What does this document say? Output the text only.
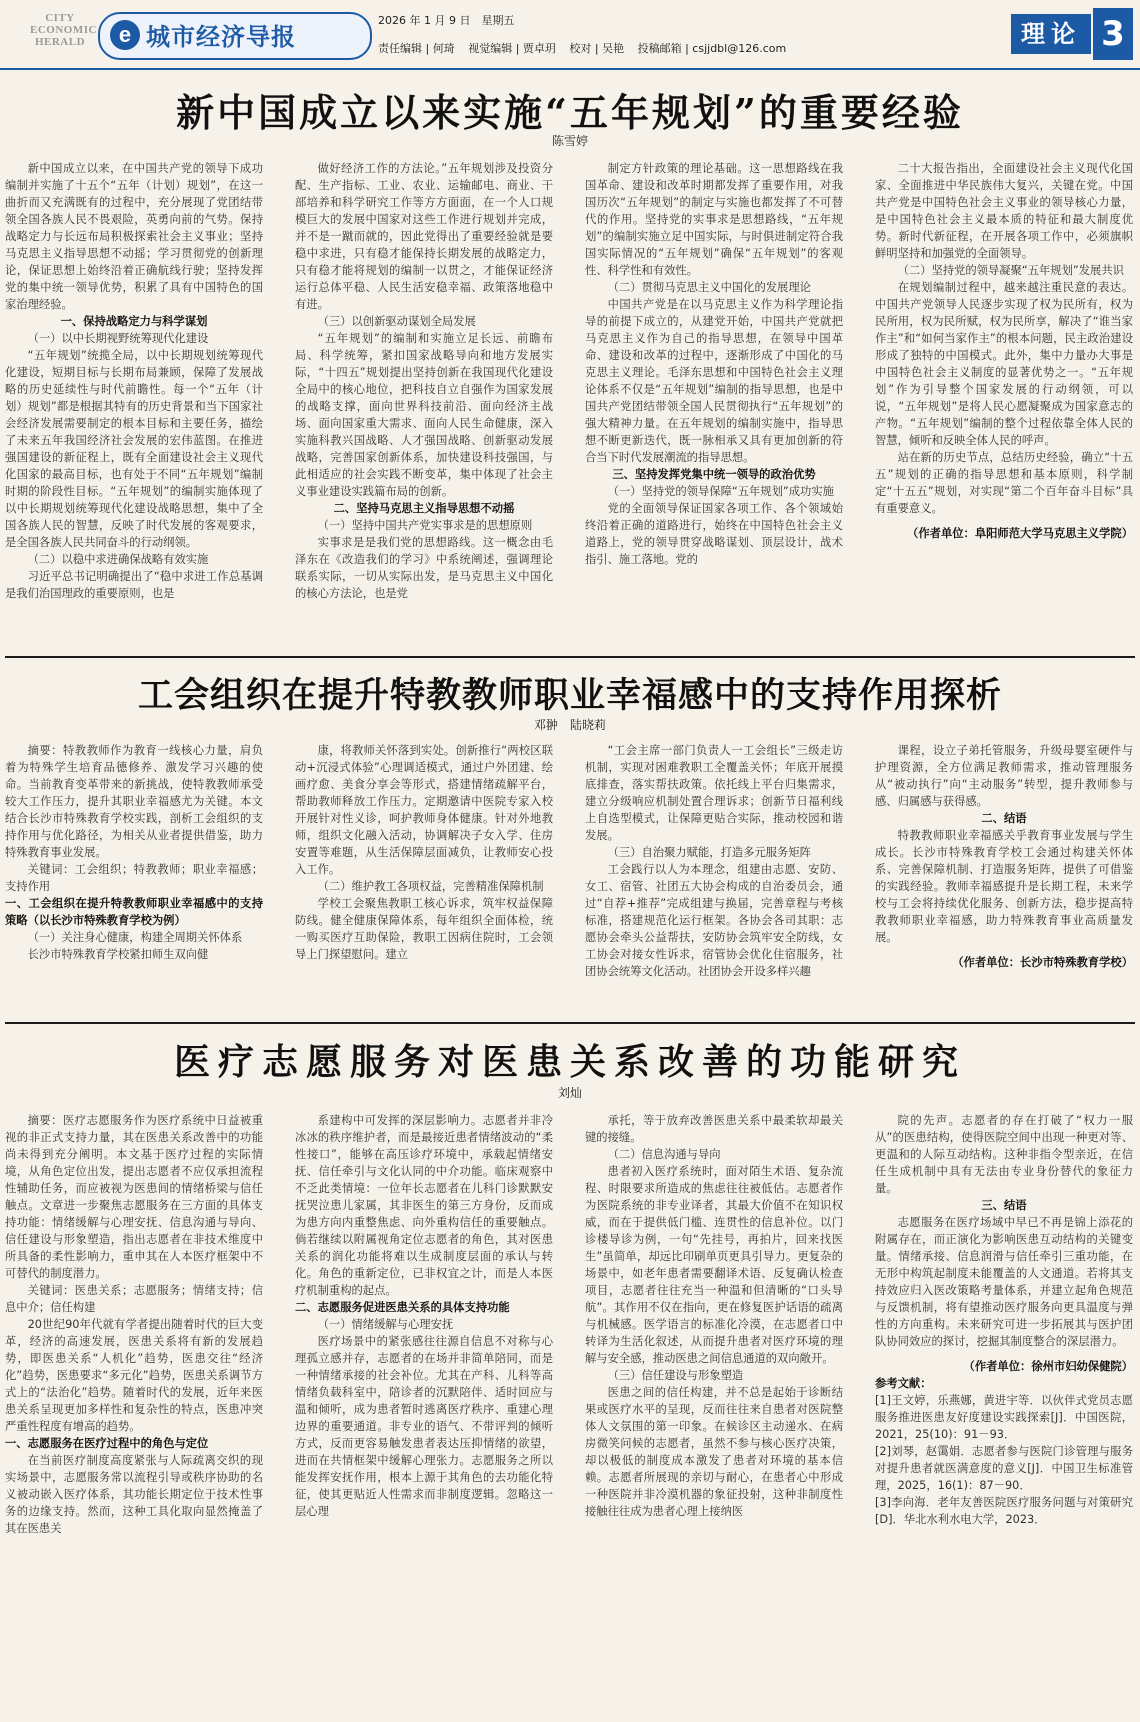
CITY
ECONOMIC
HERALD	e 城市经济导报
2026 年 1 月 9 日　星期五
责任编辑 | 何琦 视觉编辑 | 贾卓玥 校对 | 吴艳 投稿邮箱 | csjjdbl@126.com
理论 3
新中国成立以来实施“五年规划”的重要经验
陈雪婷

新中国成立以来，在中国共产党的领导下成功编制并实施了十五个“五年（计划）规划”，在这一曲折而又充满既有的过程中，充分展现了党团结带领全国各族人民不畏艰险，英勇向前的气势。保持战略定力与长远布局积极探索社会主义事业；坚持马克思主义指导思想不动摇；学习贯彻党的创新理论，保证思想上始终沿着正确航线行驶；坚持发挥党的集中统一领导优势，积累了具有中国特色的国家治理经验。

一、保持战略定力与科学谋划

（一）以中长期视野统筹现代化建设

“五年规划”统揽全局，以中长期规划统筹现代化建设，短期目标与长期布局兼顾，保障了发展战略的历史延续性与时代前瞻性。每一个“五年（计划）规划”都是根据其特有的历史背景和当下国家社会经济发展需要制定的根本目标和主要任务，描绘了未来五年我国经济社会发展的宏伟蓝图。在推进强国建设的新征程上，既有全面建设社会主义现代化国家的最高目标，也有处于不同“五年规划”编制时期的阶段性目标。“五年规划”的编制实施体现了以中长期规划统筹现代化建设战略思想，集中了全国各族人民的智慧，反映了时代发展的客观要求，是全国各族人民共同奋斗的行动纲领。

（二）以稳中求进确保战略有效实施

习近平总书记明确提出了“稳中求进工作总基调是我们治国理政的重要原则，也是

做好经济工作的方法论。”五年规划涉及投资分配、生产指标、工业、农业、运输邮电、商业、干部培养和科学研究工作等方方面面，在一个人口规模巨大的发展中国家对这些工作进行规划并完成，并不是一蹴而就的，因此党得出了重要经验就是要稳中求进，只有稳才能保持长期发展的战略定力，只有稳才能将规划的编制一以贯之，才能保证经济运行总体平稳、人民生活安稳幸福、政策落地稳中有进。

（三）以创新驱动谋划全局发展

“五年规划”的编制和实施立足长远、前瞻布局、科学统筹，紧扣国家战略导向和地方发展实际，“十四五”规划提出坚持创新在我国现代化建设全局中的核心地位，把科技自立自强作为国家发展的战略支撑，面向世界科技前沿、面向经济主战场、面向国家重大需求、面向人民生命健康，深入实施科教兴国战略、人才强国战略、创新驱动发展战略，完善国家创新体系，加快建设科技强国，与此相适应的社会实践不断变革，集中体现了社会主义事业建设实践篇布局的创新。

二、坚持马克思主义指导思想不动摇

（一）坚持中国共产党实事求是的思想原则

实事求是是我们党的思想路线。这一概念由毛泽东在《改造我们的学习》中系统阐述，强调理论联系实际，一切从实际出发，是马克思主义中国化的核心方法论，也是党

制定方针政策的理论基础。这一思想路线在我国革命、建设和改革时期都发挥了重要作用，对我国历次“五年规划”的制定与实施也都发挥了不可替代的作用。坚持党的实事求是思想路线，“五年规划”的编制实施立足中国实际，与时俱进制定符合我国实际情况的“五年规划”确保“五年规划”的客观性、科学性和有效性。

（二）贯彻马克思主义中国化的发展理论

中国共产党是在以马克思主义作为科学理论指导的前提下成立的，从建党开始，中国共产党就把马克思主义作为自己的指导思想，在领导中国革命、建设和改革的过程中，逐渐形成了中国化的马克思主义理论。毛泽东思想和中国特色社会主义理论体系不仅是“五年规划”编制的指导思想，也是中国共产党团结带领全国人民贯彻执行“五年规划”的强大精神力量。在五年规划的编制实施中，指导思想不断更新迭代，既一脉相承又具有更加创新的符合当下时代发展潮流的指导思想。

三、坚持发挥党集中统一领导的政治优势

（一）坚持党的领导保障“五年规划”成功实施

党的全面领导保证国家各项工作、各个领域始终沿着正确的道路进行，始终在中国特色社会主义道路上，党的领导贯穿战略谋划、顶层设计，战术指引、施工落地。党的

二十大报告指出，全面建设社会主义现代化国家、全面推进中华民族伟大复兴，关键在党。中国共产党是中国特色社会主义事业的领导核心力量，是中国特色社会主义最本质的特征和最大制度优势。新时代新征程，在开展各项工作中，必须旗帜鲜明坚持和加强党的全面领导。

（二）坚持党的领导凝聚“五年规划”发展共识

在规划编制过程中，越来越注重民意的表达。中国共产党领导人民逐步实现了权为民所有，权为民所用，权为民所赋，权为民所享，解决了“谁当家作主”和“如何当家作主”的根本问题，民主政治建设形成了独特的中国模式。此外，集中力量办大事是中国特色社会主义制度的显著优势之一。“五年规划”作为引导整个国家发展的行动纲领，可以说，“五年规划”是将人民心愿凝聚成为国家意志的产物。“五年规划”编制的整个过程依靠全体人民的智慧，倾听和反映全体人民的呼声。

站在新的历史节点，总结历史经验，确立“十五五”规划的正确的指导思想和基本原则，科学制定“十五五”规划，对实现“第二个百年奋斗目标”具有重要意义。

（作者单位：阜阳师范大学马克思主义学院）

工会组织在提升特教教师职业幸福感中的支持作用探析
邓翀　陆晓莉

摘要：特教教师作为教育一线核心力量，肩负着为特殊学生培育品德修养、激发学习兴趣的使命。当前教育变革带来的新挑战，使特教教师承受较大工作压力，提升其职业幸福感尤为关键。本文结合长沙市特殊教育学校实践，剖析工会组织的支持作用与优化路径，为相关从业者提供借鉴，助力特殊教育事业发展。

关键词：工会组织；特教教师；职业幸福感；支持作用

一、工会组织在提升特教教师职业幸福感中的支持策略（以长沙市特殊教育学校为例）

（一）关注身心健康，构建全周期关怀体系

长沙市特殊教育学校紧扣师生双向健

康，将教师关怀落到实处。创新推行“两校区联动+沉浸式体验”心理调适模式，通过户外团建、绘画疗愈、美食分享会等形式，搭建情绪疏解平台，帮助教师释放工作压力。定期邀请中医院专家入校开展针对性义诊，呵护教师身体健康。针对外地教师，组织文化融入活动，协调解决子女入学、住房安置等难题，从生活保障层面减负，让教师安心投入工作。

（二）维护教工各项权益，完善精准保障机制

学校工会聚焦教职工核心诉求，筑牢权益保障防线。健全健康保障体系，每年组织全面体检，统一购买医疗互助保险，教职工因病住院时，工会领导上门探望慰问。建立

“工会主席一部门负责人一工会组长”三级走访机制，实现对困难教职工全覆盖关怀；年底开展摸底排查，落实帮扶政策。依托线上平台归集需求，建立分级响应机制处置合理诉求；创新节日福利线上自选型模式，让保障更贴合实际，推动校园和谐发展。

（三）自治聚力赋能，打造多元服务矩阵

工会践行以人为本理念，组建由志愿、安防、女工、宿管、社团五大协会构成的自治委员会，通过“自荐+推荐”完成组建与换届，完善章程与考核标准，搭建规范化运行框架。各协会各司其职：志愿协会牵头公益帮扶，安防协会筑牢安全防线，女工协会对接女性诉求，宿管协会优化住宿服务，社团协会统筹文化活动。社团协会开设多样兴趣

课程，设立子弟托管服务，升级母婴室硬件与护理资源，全方位满足教师需求，推动管理服务从“被动执行”向“主动服务”转型，提升教师参与感、归属感与获得感。

二、结语

特教教师职业幸福感关乎教育事业发展与学生成长。长沙市特殊教育学校工会通过构建关怀体系、完善保障机制、打造服务矩阵，提供了可借鉴的实践经验。教师幸福感提升是长期工程，未来学校与工会将持续优化服务、创新方法，稳步提高特教教师职业幸福感，助力特殊教育事业高质量发展。

（作者单位：长沙市特殊教育学校）

医疗志愿服务对医患关系改善的功能研究
刘灿

摘要：医疗志愿服务作为医疗系统中日益被重视的非正式支持力量，其在医患关系改善中的功能尚未得到充分阐明。本文基于医疗过程的实际情境，从角色定位出发，提出志愿者不应仅承担流程性辅助任务，而应被视为医患间的情绪桥梁与信任触点。文章进一步聚焦志愿服务在三方面的具体支持功能：情绪缓解与心理安抚、信息沟通与导向、信任建设与形象塑造，指出志愿者在非技术维度中所具备的柔性影响力，重申其在人本医疗框架中不可替代的制度潜力。

关键词：医患关系；志愿服务；情绪支持；信息中介；信任构建

20世纪90年代就有学者提出随着时代的巨大变革，经济的高速发展，医患关系将有新的发展趋势，即医患关系“人机化”趋势，医患交往“经济化”趋势，医患要求“多元化”趋势，医患关系调节方式上的“法治化”趋势。随着时代的发展，近年来医患关系呈现更加多样性和复杂性的特点，医患冲突严重性程度有增高的趋势。

一、志愿服务在医疗过程中的角色与定位

在当前医疗制度高度紧张与人际疏离交织的现实场景中，志愿服务常以流程引导或秩序协助的名义被动嵌入医疗体系，其功能长期定位于技术性事务的边缘支持。然而，这种工具化取向显然掩盖了其在医患关

系建构中可发挥的深层影响力。志愿者并非冷冰冰的秩序维护者，而是最接近患者情绪波动的“柔性接口”，能够在高压诊疗环境中，承载起情绪安抚、信任牵引与文化认同的中介功能。临床观察中不乏此类情境：一位年长志愿者在儿科门诊默默安抚哭泣患儿家属，其非医生的第三方身份，反而成为患方向内重整焦虑、向外重构信任的重要触点。倘若继续以附属视角定位志愿者的角色，其对医患关系的润化功能将难以生成制度层面的承认与转化。角色的重新定位，已非权宜之计，而是人本医疗机制重构的起点。

二、志愿服务促进医患关系的具体支持功能

（一）情绪缓解与心理安抚

医疗场景中的紧张感往往源自信息不对称与心理孤立感并存，志愿者的在场并非简单陪同，而是一种情绪承接的社会补位。尤其在产科、儿科等高情绪负载科室中，陪诊者的沉默陪伴、适时回应与温和倾听，成为患者暂时逃离医疗秩序、重建心理边界的重要通道。非专业的语气、不带评判的倾听方式，反而更容易触发患者表达压抑情绪的欲望，进而在共情框架中缓解心理张力。志愿服务之所以能发挥安抚作用，根本上源于其角色的去功能化特征，使其更贴近人性需求而非制度逻辑。忽略这一层心理

承托，等于放弃改善医患关系中最柔软却最关键的接缝。

（二）信息沟通与导向

患者初入医疗系统时，面对陌生术语、复杂流程、时限要求所造成的焦虑往往被低估。志愿者作为医院系统的非专业译者，其最大价值不在知识权威，而在于提供低门槛、连贯性的信息补位。以门诊楼导诊为例，一句“先挂号，再拍片，回来找医生”虽简单，却远比印刷单页更具引导力。更复杂的场景中，如老年患者需要翻译术语、反复确认检查项目，志愿者往往充当一种温和但清晰的“口头导航”。其作用不仅在指向，更在修复医护话语的疏离与机械感。医学语言的标准化冷漠，在志愿者口中转译为生活化叙述，从而提升患者对医疗环境的理解与安全感，推动医患之间信息通道的双向敞开。

（三）信任建设与形象塑造

医患之间的信任构建，并不总是起始于诊断结果或医疗水平的呈现，反而往往来自患者对医院整体人文氛围的第一印象。在候诊区主动递水、在病房微笑问候的志愿者，虽然不参与核心医疗决策，却以极低的制度成本激发了患者对环境的基本信赖。志愿者所展现的亲切与耐心，在患者心中形成一种医院并非冷漠机器的象征投射，这种非制度性接触往往成为患者心理上接纳医

院的先声。志愿者的存在打破了“权力一服从”的医患结构，使得医院空间中出现一种更对等、更温和的人际互动结构。这种非指令型亲近，在信任生成机制中具有无法由专业身份替代的象征力量。

三、结语

志愿服务在医疗场域中早已不再是锦上添花的附属存在，而正演化为影响医患互动结构的关键变量。情绪承接、信息润滑与信任牵引三重功能，在无形中构筑起制度未能覆盖的人文通道。若将其支持效应归入医改策略考量体系，并建立起角色规范与反馈机制，将有望推动医疗服务向更具温度与弹性的方向重构。未来研究可进一步拓展其与医护团队协同效应的探讨，挖掘其制度整合的深层潜力。

（作者单位：徐州市妇幼保健院）

参考文献：

[1]王文婷，乐燕娜，黄进宇等．以伙伴式党员志愿服务推进医患友好度建设实践探索[J]．中国医院，2021，25(10)：91－93．

[2]刘琴，赵霭娟．志愿者参与医院门诊管理与服务对提升患者就医满意度的意义[J]．中国卫生标准管理，2025，16(1)：87－90．

[3]李向海．老年友善医院医疗服务问题与对策研究[D]．华北水利水电大学，2023．
